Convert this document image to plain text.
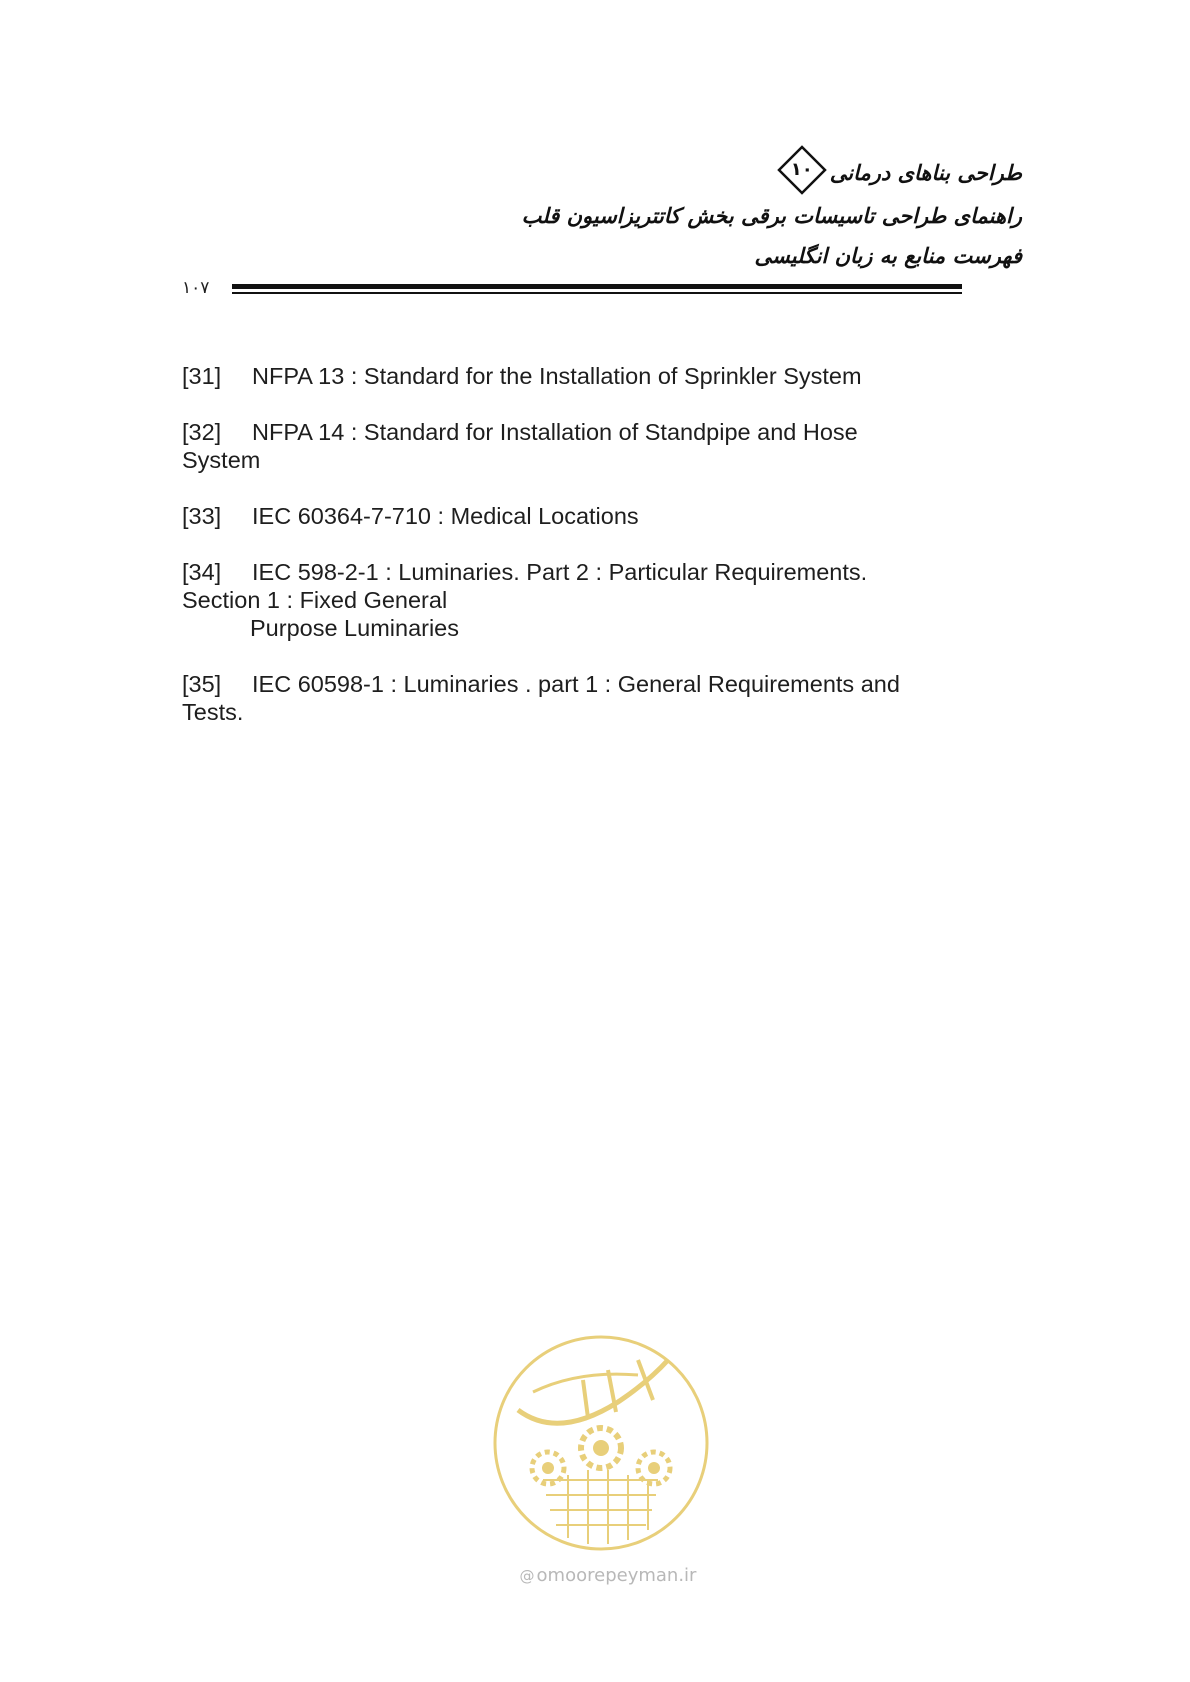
طراحی بناهای درمانی
۱۰
راهنمای طراحی تاسیسات برقی بخش کاتتریزاسیون قلب
فهرست منابع به زبان انگلیسی
۱۰۷
[31] NFPA 13 : Standard for the Installation of Sprinkler System
[32] NFPA 14 : Standard for Installation of Standpipe and Hose
System
[33] IEC 60364-7-710 : Medical Locations
[34] IEC 598-2-1 : Luminaries. Part 2 : Particular Requirements.
Section 1 : Fixed General
Purpose Luminaries
[35] IEC 60598-1 : Luminaries . part 1 : General Requirements and
Tests.
@ omoorepeyman.ir
